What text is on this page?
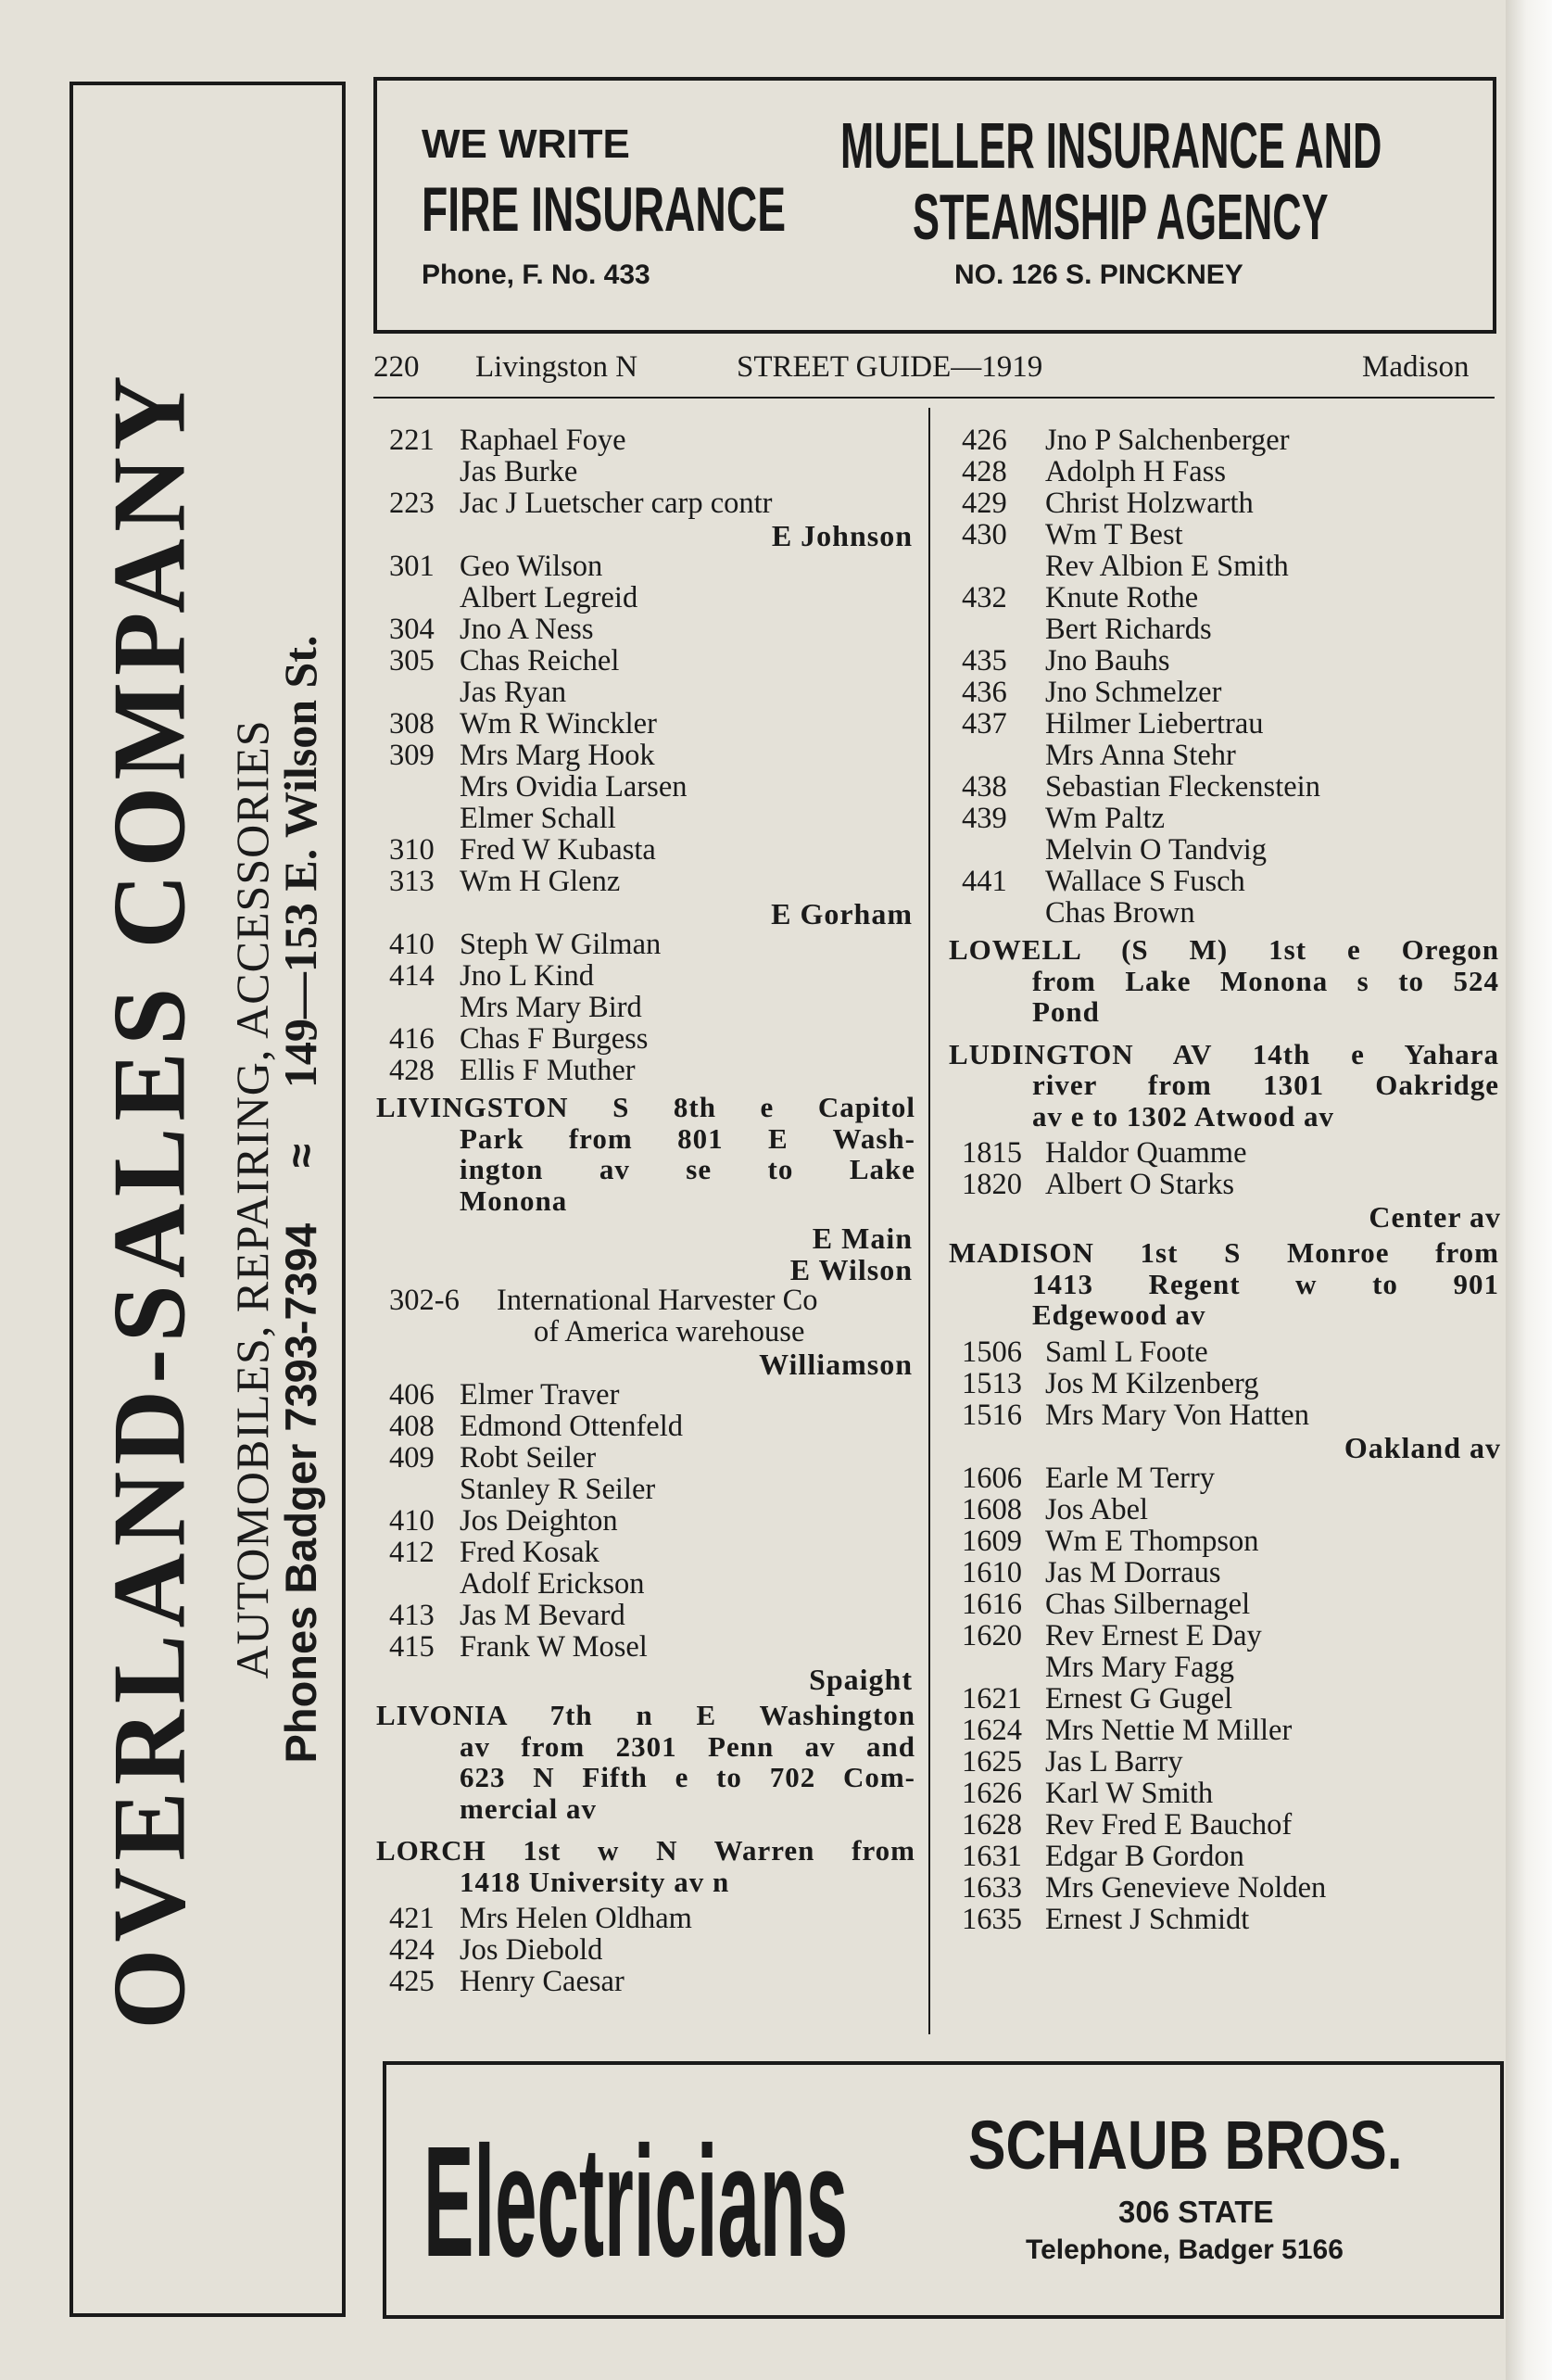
OVERLAND-SALES COMPANY AUTOMOBILES, REPAIRING, ACCESSORIES
Phones Badger 7393-7394≈149—153 E. Wilson St.
WE WRITE
FIRE INSURANCE
Phone, F. No. 433
MUELLER INSURANCE AND
STEAMSHIP AGENCY
NO. 126 S. PINCKNEY
220 Livingston N	STREET GUIDE—1919	Madison
221 Raphael Foye
Jas Burke
223 Jac J Luetscher carp contr
E Johnson
301 Geo Wilson
Albert Legreid
304 Jno A Ness
305 Chas Reichel
Jas Ryan
308 Wm R Winckler
309 Mrs Marg Hook
Mrs Ovidia Larsen
Elmer Schall
310 Fred W Kubasta
313 Wm H Glenz
E Gorham
410 Steph W Gilman
414 Jno L Kind
Mrs Mary Bird
416 Chas F Burgess
428 Ellis F Muther
LIVINGSTON S 8th e Capitol
Park from 801 E Wash-
ington av se to Lake
Monona
E Main
E Wilson
302-6 International Harvester Co
of America warehouse
Williamson
406 Elmer Traver
408 Edmond Ottenfeld
409 Robt Seiler
Stanley R Seiler
410 Jos Deighton
412 Fred Kosak
Adolf Erickson
413 Jas M Bevard
415 Frank W Mosel
Spaight
LIVONIA 7th n E Washington
av from 2301 Penn av and
623 N Fifth e to 702 Com-
mercial av
LORCH 1st w N Warren from
1418 University av n
421 Mrs Helen Oldham
424 Jos Diebold
425 Henry Caesar
426 Jno P Salchenberger
428 Adolph H Fass
429 Christ Holzwarth
430 Wm T Best
Rev Albion E Smith
432 Knute Rothe
Bert Richards
435 Jno Bauhs
436 Jno Schmelzer
437 Hilmer Liebertrau
Mrs Anna Stehr
438 Sebastian Fleckenstein
439 Wm Paltz
Melvin O Tandvig
441 Wallace S Fusch
Chas Brown
LOWELL (S M) 1st e Oregon
from Lake Monona s to 524
Pond
LUDINGTON AV 14th e Yahara
river from 1301 Oakridge
av e to 1302 Atwood av
1815 Haldor Quamme
1820 Albert O Starks
Center av
MADISON 1st S Monroe from
1413 Regent w to 901
Edgewood av
1506 Saml L Foote
1513 Jos M Kilzenberg
1516 Mrs Mary Von Hatten
Oakland av
1606 Earle M Terry
1608 Jos Abel
1609 Wm E Thompson
1610 Jas M Dorraus
1616 Chas Silbernagel
1620 Rev Ernest E Day
Mrs Mary Fagg
1621 Ernest G Gugel
1624 Mrs Nettie M Miller
1625 Jas L Barry
1626 Karl W Smith
1628 Rev Fred E Bauchof
1631 Edgar B Gordon
1633 Mrs Genevieve Nolden
1635 Ernest J Schmidt
Electricians SCHAUB BROS.
306 STATE
Telephone, Badger 5166
